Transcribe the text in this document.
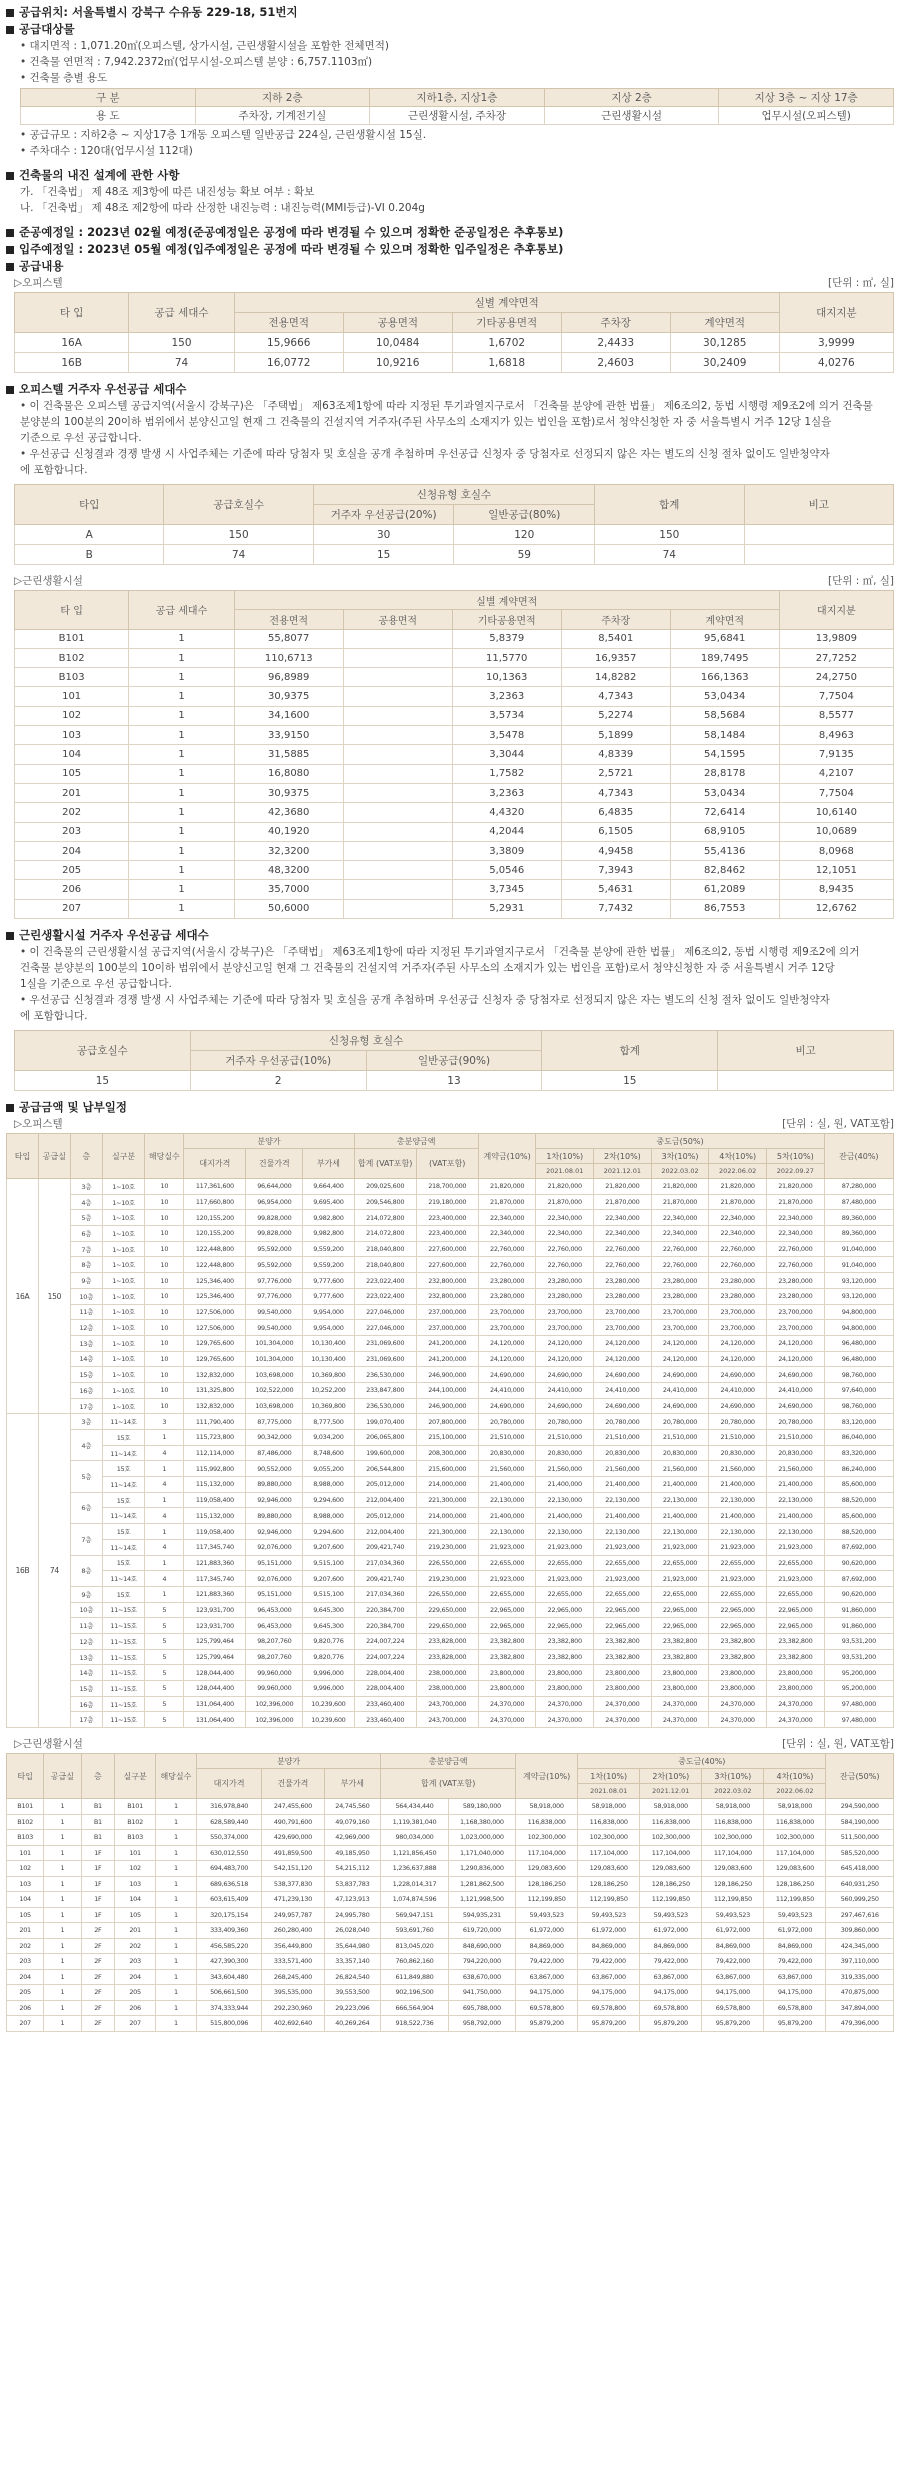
공급위치: 서울특별시 강북구 수유동 229-18, 51번지
공급대상물
• 대지면적 : 1,071.20㎡(오피스텔, 상가시설, 근린생활시설을 포함한 전체면적)
• 건축물 연면적 : 7,942.2372㎡(업무시설-오피스텔 분양 : 6,757.1103㎡)
• 건축물 층별 용도
구 분	지하 2층	지하1층, 지상1층	지상 2층	지상 3층 ~ 지상 17층
용 도	주차장, 기계전기실	근린생활시설, 주차장	근린생활시설	업무시설(오피스텔)
• 공급규모 : 지하2층 ~ 지상17층 1개동 오피스텔 일반공급 224실, 근린생활시설 15실.
• 주차대수 : 120대(업무시설 112대)
건축물의 내진 설계에 관한 사항
가. 「건축법」 제 48조 제3항에 따른 내진성능 확보 여부 : 확보
나. 「건축법」 제 48조 제2항에 따라 산정한 내진능력 : 내진능력(MMI등급)-VI 0.204g
준공예정일 : 2023년 02월 예정(준공예정일은 공정에 따라 변경될 수 있으며 정확한 준공일정은 추후통보)
입주예정일 : 2023년 05월 예정(입주예정일은 공정에 따라 변경될 수 있으며 정확한 입주일정은 추후통보)
공급내용
▷오피스텔	[단위 : ㎡, 실]
타 입	공급 세대수	실별 계약면적					대지지분
		전용면적	공용면적	기타공용면적	주차장	계약면적	
16A	150	15,9666	10,0484	1,6702	2,4433	30,1285	3,9999
16B	74	16,0772	10,9216	1,6818	2,4603	30,2409	4,0276
오피스텔 거주자 우선공급 세대수
• 이 건축물은 오피스텔 공급지역(서울시 강북구)은 「주택법」 제63조제1항에 따라 지정된 투기과열지구로서 「건축물 분양에 관한 법률」 제6조의2, 동법 시행령 제9조2에 의거 건축물
분양분의 100분의 20이하 범위에서 분양신고일 현재 그 건축물의 건설지역 거주자(주된 사무소의 소재지가 있는 법인을 포함)로서 청약신청한 자 중 서울특별시 거주 12당 1실을
기준으로 우선 공급합니다.
• 우선공급 신청결과 경쟁 발생 시 사업주체는 기준에 따라 당첨자 및 호실을 공개 추첨하며 우선공급 신청자 중 당첨자로 선정되지 않은 자는 별도의 신청 절차 없이도 일반청약자
에 포함합니다.
타입	공급호실수	신청유형 호실수		합계	비고
		거주자 우선공급(20%)	일반공급(80%)		
A	150	30	120	150	
B	74	15	59	74	
▷근린생활시설	[단위 : ㎡, 실]
타 입	공급 세대수	실별 계약면적					대지지분
		전용면적	공용면적	기타공용면적	주차장	계약면적	
B101	1	55,8077		5,8379	8,5401	95,6841	13,9809
B102	1	110,6713		11,5770	16,9357	189,7495	27,7252
B103	1	96,8989		10,1363	14,8282	166,1363	24,2750
101	1	30,9375		3,2363	4,7343	53,0434	7,7504
102	1	34,1600		3,5734	5,2274	58,5684	8,5577
103	1	33,9150		3,5478	5,1899	58,1484	8,4963
104	1	31,5885		3,3044	4,8339	54,1595	7,9135
105	1	16,8080		1,7582	2,5721	28,8178	4,2107
201	1	30,9375		3,2363	4,7343	53,0434	7,7504
202	1	42,3680		4,4320	6,4835	72,6414	10,6140
203	1	40,1920		4,2044	6,1505	68,9105	10,0689
204	1	32,3200		3,3809	4,9458	55,4136	8,0968
205	1	48,3200		5,0546	7,3943	82,8462	12,1051
206	1	35,7000		3,7345	5,4631	61,2089	8,9435
207	1	50,6000		5,2931	7,7432	86,7553	12,6762
근린생활시설 거주자 우선공급 세대수
• 이 건축물의 근린생활시설 공급지역(서울시 강북구)은 「주택법」 제63조제1항에 따라 지정된 투기과열지구로서 「건축물 분양에 관한 법률」 제6조의2, 동법 시행령 제9조2에 의거
건축물 분양분의 100분의 10이하 범위에서 분양신고일 현재 그 건축물의 건설지역 거주자(주된 사무소의 소재지가 있는 법인을 포함)로서 청약신청한 자 중 서울특별시 거주 12당
1실을 기준으로 우선 공급합니다.
• 우선공급 신청결과 경쟁 발생 시 사업주체는 기준에 따라 당첨자 및 호실을 공개 추첨하며 우선공급 신청자 중 당첨자로 선정되지 않은 자는 별도의 신청 절차 없이도 일반청약자
에 포함합니다.
공급호실수	신청유형 호실수		합계	비고
	거주자 우선공급(10%)	일반공급(90%)		
15	2	13	15	
공급금액 및 납부일정
▷오피스텔	[단위 : 실, 원, VAT포함]
타입	공급실	층	실구분	해당실수	분양가			총분양금액		계약금(10%)	중도금(50%)					잔금(40%)
					대지가격	건물가격	부가세	합계 (VAT포함)	(VAT포함)		1차(10%)	2차(10%)	3차(10%)	4차(10%)	5차(10%)	
											2021.08.01	2021.12.01	2022.03.02	2022.06.02	2022.09.27	
16A	150	3층	1~10호	10	117,361,600	96,644,000	9,664,400	209,025,600	218,700,000	21,820,000	21,820,000	21,820,000	21,820,000	21,820,000	21,820,000	87,280,000
		4층	1~10호	10	117,660,800	96,954,000	9,695,400	209,546,800	219,180,000	21,870,000	21,870,000	21,870,000	21,870,000	21,870,000	21,870,000	87,480,000
		5층	1~10호	10	120,155,200	99,828,000	9,982,800	214,072,800	223,400,000	22,340,000	22,340,000	22,340,000	22,340,000	22,340,000	22,340,000	89,360,000
		6층	1~10호	10	120,155,200	99,828,000	9,982,800	214,072,800	223,400,000	22,340,000	22,340,000	22,340,000	22,340,000	22,340,000	22,340,000	89,360,000
		7층	1~10호	10	122,448,800	95,592,000	9,559,200	218,040,800	227,600,000	22,760,000	22,760,000	22,760,000	22,760,000	22,760,000	22,760,000	91,040,000
		8층	1~10호	10	122,448,800	95,592,000	9,559,200	218,040,800	227,600,000	22,760,000	22,760,000	22,760,000	22,760,000	22,760,000	22,760,000	91,040,000
		9층	1~10호	10	125,346,400	97,776,000	9,777,600	223,022,400	232,800,000	23,280,000	23,280,000	23,280,000	23,280,000	23,280,000	23,280,000	93,120,000
		10층	1~10호	10	125,346,400	97,776,000	9,777,600	223,022,400	232,800,000	23,280,000	23,280,000	23,280,000	23,280,000	23,280,000	23,280,000	93,120,000
		11층	1~10호	10	127,506,000	99,540,000	9,954,000	227,046,000	237,000,000	23,700,000	23,700,000	23,700,000	23,700,000	23,700,000	23,700,000	94,800,000
		12층	1~10호	10	127,506,000	99,540,000	9,954,000	227,046,000	237,000,000	23,700,000	23,700,000	23,700,000	23,700,000	23,700,000	23,700,000	94,800,000
		13층	1~10호	10	129,765,600	101,304,000	10,130,400	231,069,600	241,200,000	24,120,000	24,120,000	24,120,000	24,120,000	24,120,000	24,120,000	96,480,000
		14층	1~10호	10	129,765,600	101,304,000	10,130,400	231,069,600	241,200,000	24,120,000	24,120,000	24,120,000	24,120,000	24,120,000	24,120,000	96,480,000
		15층	1~10호	10	132,832,000	103,698,000	10,369,800	236,530,000	246,900,000	24,690,000	24,690,000	24,690,000	24,690,000	24,690,000	24,690,000	98,760,000
		16층	1~10호	10	131,325,800	102,522,000	10,252,200	233,847,800	244,100,000	24,410,000	24,410,000	24,410,000	24,410,000	24,410,000	24,410,000	97,640,000
		17층	1~10호	10	132,832,000	103,698,000	10,369,800	236,530,000	246,900,000	24,690,000	24,690,000	24,690,000	24,690,000	24,690,000	24,690,000	98,760,000
16B	74	3층	11~14호	3	111,790,400	87,775,000	8,777,500	199,070,400	207,800,000	20,780,000	20,780,000	20,780,000	20,780,000	20,780,000	20,780,000	83,120,000
		4층	15호	1	115,723,800	90,342,000	9,034,200	206,065,800	215,100,000	21,510,000	21,510,000	21,510,000	21,510,000	21,510,000	21,510,000	86,040,000
			11~14호	4	112,114,000	87,486,000	8,748,600	199,600,000	208,300,000	20,830,000	20,830,000	20,830,000	20,830,000	20,830,000	20,830,000	83,320,000
		5층	15호	1	115,992,800	90,552,000	9,055,200	206,544,800	215,600,000	21,560,000	21,560,000	21,560,000	21,560,000	21,560,000	21,560,000	86,240,000
			11~14호	4	115,132,000	89,880,000	8,988,000	205,012,000	214,000,000	21,400,000	21,400,000	21,400,000	21,400,000	21,400,000	21,400,000	85,600,000
		6층	15호	1	119,058,400	92,946,000	9,294,600	212,004,400	221,300,000	22,130,000	22,130,000	22,130,000	22,130,000	22,130,000	22,130,000	88,520,000
			11~14호	4	115,132,000	89,880,000	8,988,000	205,012,000	214,000,000	21,400,000	21,400,000	21,400,000	21,400,000	21,400,000	21,400,000	85,600,000
		7층	15호	1	119,058,400	92,946,000	9,294,600	212,004,400	221,300,000	22,130,000	22,130,000	22,130,000	22,130,000	22,130,000	22,130,000	88,520,000
			11~14호	4	117,345,740	92,076,000	9,207,600	209,421,740	219,230,000	21,923,000	21,923,000	21,923,000	21,923,000	21,923,000	21,923,000	87,692,000
		8층	15호	1	121,883,360	95,151,000	9,515,100	217,034,360	226,550,000	22,655,000	22,655,000	22,655,000	22,655,000	22,655,000	22,655,000	90,620,000
			11~14호	4	117,345,740	92,076,000	9,207,600	209,421,740	219,230,000	21,923,000	21,923,000	21,923,000	21,923,000	21,923,000	21,923,000	87,692,000
		9층	15호	1	121,883,360	95,151,000	9,515,100	217,034,360	226,550,000	22,655,000	22,655,000	22,655,000	22,655,000	22,655,000	22,655,000	90,620,000
		10층	11~15호	5	123,931,700	96,453,000	9,645,300	220,384,700	229,650,000	22,965,000	22,965,000	22,965,000	22,965,000	22,965,000	22,965,000	91,860,000
		11층	11~15호	5	123,931,700	96,453,000	9,645,300	220,384,700	229,650,000	22,965,000	22,965,000	22,965,000	22,965,000	22,965,000	22,965,000	91,860,000
		12층	11~15호	5	125,799,464	98,207,760	9,820,776	224,007,224	233,828,000	23,382,800	23,382,800	23,382,800	23,382,800	23,382,800	23,382,800	93,531,200
		13층	11~15호	5	125,799,464	98,207,760	9,820,776	224,007,224	233,828,000	23,382,800	23,382,800	23,382,800	23,382,800	23,382,800	23,382,800	93,531,200
		14층	11~15호	5	128,044,400	99,960,000	9,996,000	228,004,400	238,000,000	23,800,000	23,800,000	23,800,000	23,800,000	23,800,000	23,800,000	95,200,000
		15층	11~15호	5	128,044,400	99,960,000	9,996,000	228,004,400	238,000,000	23,800,000	23,800,000	23,800,000	23,800,000	23,800,000	23,800,000	95,200,000
		16층	11~15호	5	131,064,400	102,396,000	10,239,600	233,460,400	243,700,000	24,370,000	24,370,000	24,370,000	24,370,000	24,370,000	24,370,000	97,480,000
		17층	11~15호	5	131,064,400	102,396,000	10,239,600	233,460,400	243,700,000	24,370,000	24,370,000	24,370,000	24,370,000	24,370,000	24,370,000	97,480,000
▷근린생활시설	[단위 : 실, 원, VAT포함]
타입	공급실	층	실구분	해당실수	분양가			총분양금액		계약금(10%)	중도금(40%)				잔금(50%)
					대지가격	건물가격	부가세	합계 (VAT포함)			1차(10%)	2차(10%)	3차(10%)	4차(10%)	
											2021.08.01	2021.12.01	2022.03.02	2022.06.02	
B101	1	B1	B101	1	316,978,840	247,455,600	24,745,560	564,434,440	589,180,000	58,918,000	58,918,000	58,918,000	58,918,000	58,918,000	294,590,000
B102	1	B1	B102	1	628,589,440	490,791,600	49,079,160	1,119,381,040	1,168,380,000	116,838,000	116,838,000	116,838,000	116,838,000	116,838,000	584,190,000
B103	1	B1	B103	1	550,374,000	429,690,000	42,969,000	980,034,000	1,023,000,000	102,300,000	102,300,000	102,300,000	102,300,000	102,300,000	511,500,000
101	1	1F	101	1	630,012,550	491,859,500	49,185,950	1,121,856,450	1,171,040,000	117,104,000	117,104,000	117,104,000	117,104,000	117,104,000	585,520,000
102	1	1F	102	1	694,483,700	542,151,120	54,215,112	1,236,637,888	1,290,836,000	129,083,600	129,083,600	129,083,600	129,083,600	129,083,600	645,418,000
103	1	1F	103	1	689,636,518	538,377,830	53,837,783	1,228,014,317	1,281,862,500	128,186,250	128,186,250	128,186,250	128,186,250	128,186,250	640,931,250
104	1	1F	104	1	603,615,409	471,239,130	47,123,913	1,074,874,596	1,121,998,500	112,199,850	112,199,850	112,199,850	112,199,850	112,199,850	560,999,250
105	1	1F	105	1	320,175,154	249,957,787	24,995,780	569,947,151	594,935,231	59,493,523	59,493,523	59,493,523	59,493,523	59,493,523	297,467,616
201	1	2F	201	1	333,409,360	260,280,400	26,028,040	593,691,760	619,720,000	61,972,000	61,972,000	61,972,000	61,972,000	61,972,000	309,860,000
202	1	2F	202	1	456,585,220	356,449,800	35,644,980	813,045,020	848,690,000	84,869,000	84,869,000	84,869,000	84,869,000	84,869,000	424,345,000
203	1	2F	203	1	427,390,300	333,571,400	33,357,140	760,862,160	794,220,000	79,422,000	79,422,000	79,422,000	79,422,000	79,422,000	397,110,000
204	1	2F	204	1	343,604,480	268,245,400	26,824,540	611,849,880	638,670,000	63,867,000	63,867,000	63,867,000	63,867,000	63,867,000	319,335,000
205	1	2F	205	1	506,661,500	395,535,000	39,553,500	902,196,500	941,750,000	94,175,000	94,175,000	94,175,000	94,175,000	94,175,000	470,875,000
206	1	2F	206	1	374,333,944	292,230,960	29,223,096	666,564,904	695,788,000	69,578,800	69,578,800	69,578,800	69,578,800	69,578,800	347,894,000
207	1	2F	207	1	515,800,096	402,692,640	40,269,264	918,522,736	958,792,000	95,879,200	95,879,200	95,879,200	95,879,200	95,879,200	479,396,000
